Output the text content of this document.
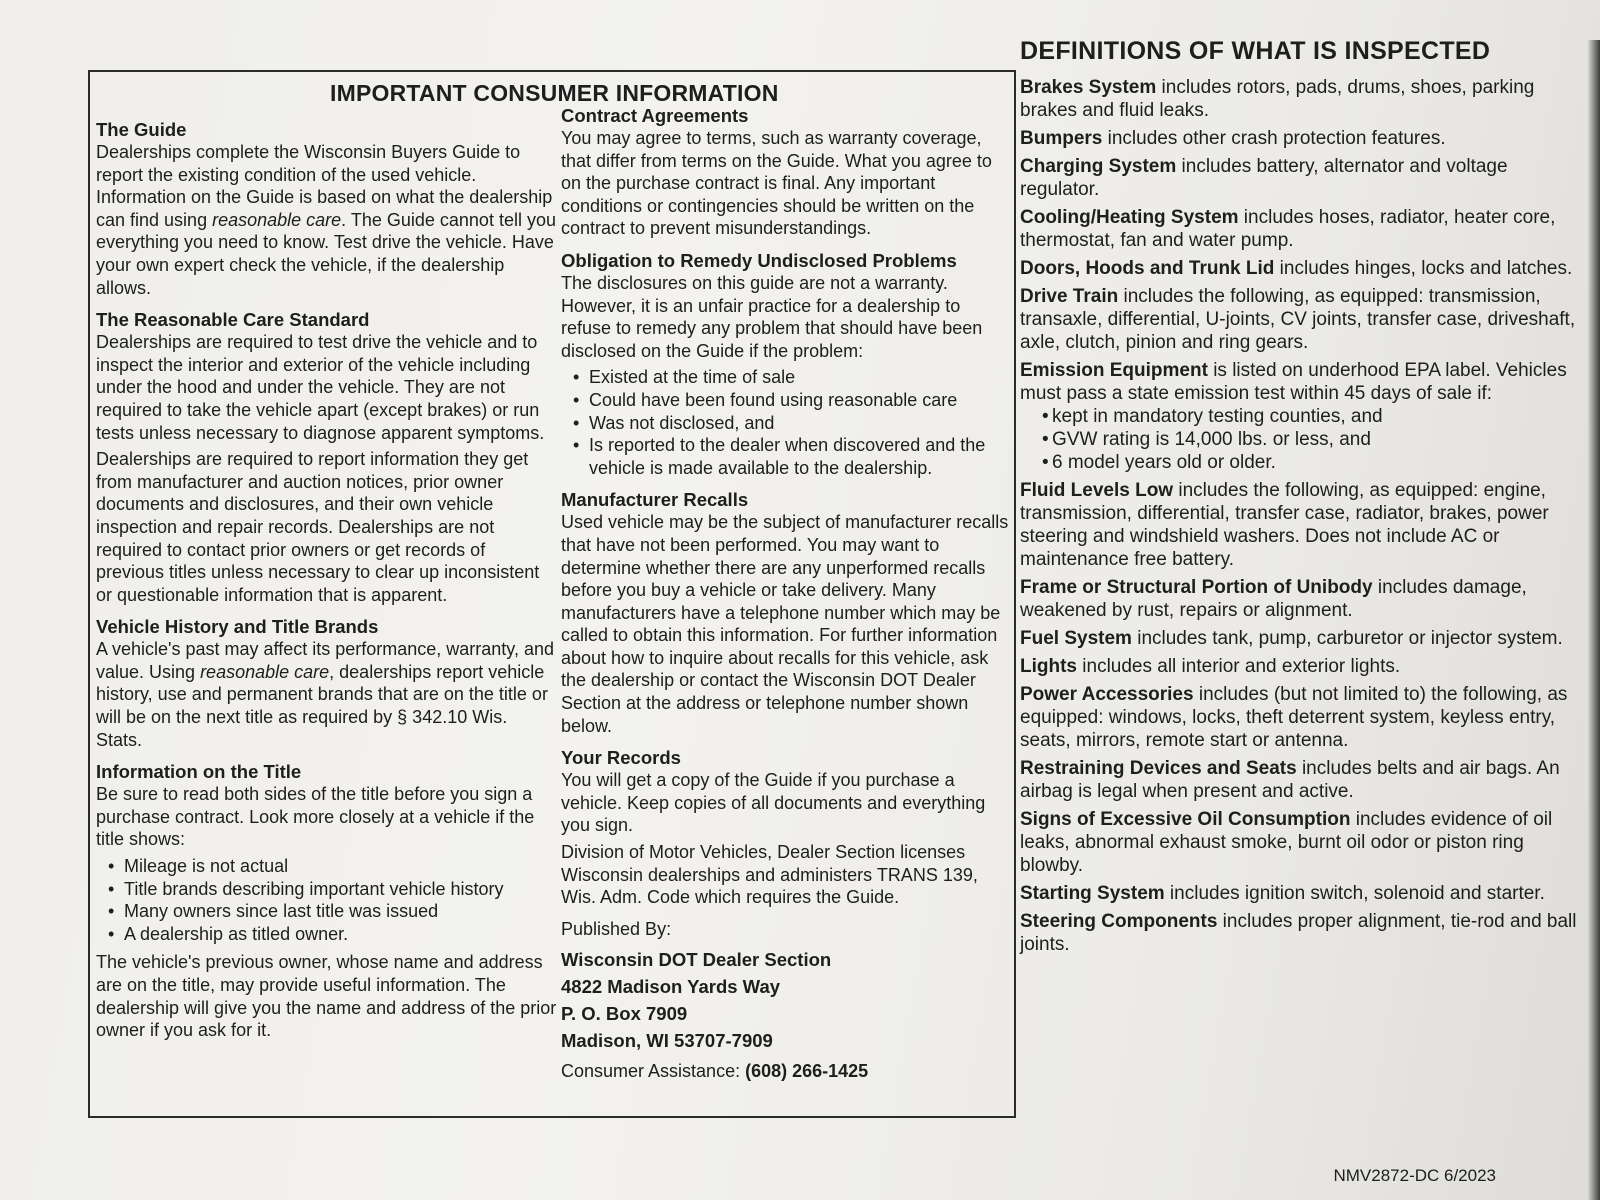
IMPORTANT CONSUMER INFORMATION
The Guide

Dealerships complete the Wisconsin Buyers Guide to report the existing condition of the used vehicle. Information on the Guide is based on what the dealership can find using reasonable care. The Guide cannot tell you everything you need to know. Test drive the vehicle. Have your own expert check the vehicle, if the dealership allows.

The Reasonable Care Standard

Dealerships are required to test drive the vehicle and to inspect the interior and exterior of the vehicle including under the hood and under the vehicle. They are not required to take the vehicle apart (except brakes) or run tests unless necessary to diagnose apparent symptoms.

Dealerships are required to report information they get from manufacturer and auction notices, prior owner documents and disclosures, and their own vehicle inspection and repair records. Dealerships are not required to contact prior owners or get records of previous titles unless necessary to clear up inconsistent or questionable information that is apparent.

Vehicle History and Title Brands

A vehicle's past may affect its performance, warranty, and value. Using reasonable care, dealerships report vehicle history, use and permanent brands that are on the title or will be on the next title as required by § 342.10 Wis. Stats.

Information on the Title

Be sure to read both sides of the title before you sign a purchase contract. Look more closely at a vehicle if the title shows:

• Mileage is not actual
• Title brands describing important vehicle history
• Many owners since last title was issued
• A dealership as titled owner.

The vehicle's previous owner, whose name and address are on the title, may provide useful information. The dealership will give you the name and address of the prior owner if you ask for it.

Contract Agreements

You may agree to terms, such as warranty coverage, that differ from terms on the Guide. What you agree to on the purchase contract is final. Any important conditions or contingencies should be written on the contract to prevent misunderstandings.

Obligation to Remedy Undisclosed Problems

The disclosures on this guide are not a warranty. However, it is an unfair practice for a dealership to refuse to remedy any problem that should have been disclosed on the Guide if the problem:

• Existed at the time of sale
• Could have been found using reasonable care
• Was not disclosed, and
• Is reported to the dealer when discovered and the vehicle is made available to the dealership.
Manufacturer Recalls

Used vehicle may be the subject of manufacturer recalls that have not been performed. You may want to determine whether there are any unperformed recalls before you buy a vehicle or take delivery. Many manufacturers have a telephone number which may be called to obtain this information. For further information about how to inquire about recalls for this vehicle, ask the dealership or contact the Wisconsin DOT Dealer Section at the address or telephone number shown below.

Your Records

You will get a copy of the Guide if you purchase a vehicle. Keep copies of all documents and everything you sign.

Division of Motor Vehicles, Dealer Section licenses Wisconsin dealerships and administers TRANS 139, Wis. Adm. Code which requires the Guide.

Published By:

Wisconsin DOT Dealer Section

4822 Madison Yards Way

P. O. Box 7909

Madison, WI 53707-7909

Consumer Assistance: (608) 266-1425

DEFINITIONS OF WHAT IS INSPECTED
Brakes System includes rotors, pads, drums, shoes, parking brakes and fluid leaks.
Bumpers includes other crash protection features.
Charging System includes battery, alternator and voltage regulator.
Cooling/Heating System includes hoses, radiator, heater core, thermostat, fan and water pump.
Doors, Hoods and Trunk Lid includes hinges, locks and latches.
Drive Train includes the following, as equipped: transmission, transaxle, differential, U-joints, CV joints, transfer case, driveshaft, axle, clutch, pinion and ring gears.
Emission Equipment is listed on underhood EPA label. Vehicles must pass a state emission test within 45 days of sale if:
• kept in mandatory testing counties, and
• GVW rating is 14,000 lbs. or less, and
• 6 model years old or older.
Fluid Levels Low includes the following, as equipped: engine, transmission, differential, transfer case, radiator, brakes, power steering and windshield washers. Does not include AC or maintenance free battery.
Frame or Structural Portion of Unibody includes damage, weakened by rust, repairs or alignment.
Fuel System includes tank, pump, carburetor or injector system.
Lights includes all interior and exterior lights.
Power Accessories includes (but not limited to) the following, as equipped: windows, locks, theft deterrent system, keyless entry, seats, mirrors, remote start or antenna.
Restraining Devices and Seats includes belts and air bags. An airbag is legal when present and active.
Signs of Excessive Oil Consumption includes evidence of oil leaks, abnormal exhaust smoke, burnt oil odor or piston ring blowby.
Starting System includes ignition switch, solenoid and starter.
Steering Components includes proper alignment, tie-rod and ball joints.
NMV2872-DC 6/2023
